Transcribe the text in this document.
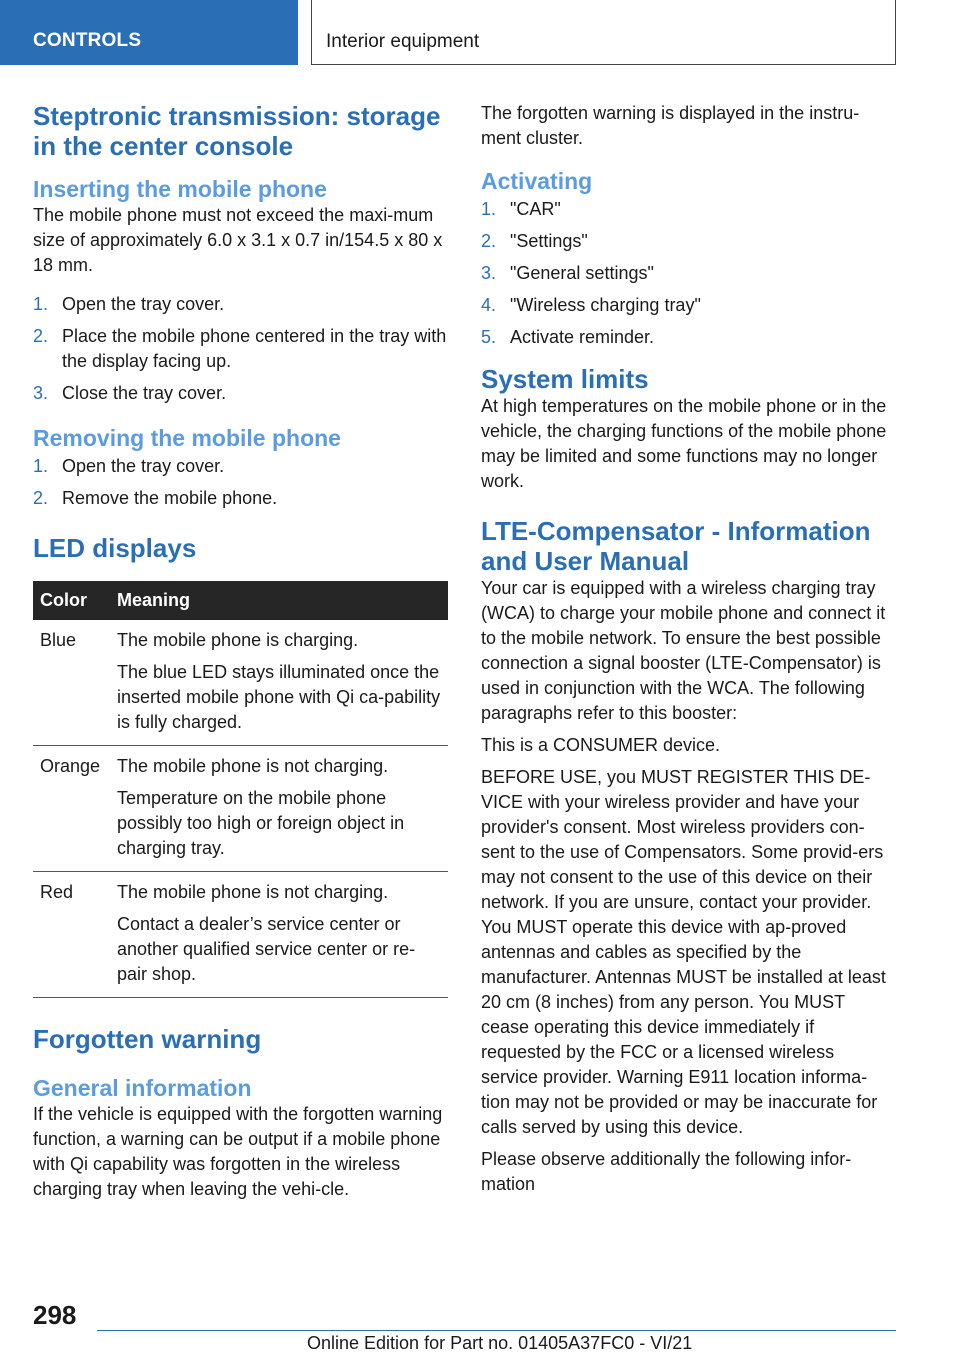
CONTROLS	Interior equipment
Steptronic transmission: storage in the center console
Inserting the mobile phone

The mobile phone must not exceed the maxi-mum size of approximately 6.0 x 3.1 x 0.7 in/154.5 x 80 x 18 mm.

1. Open the tray cover.
2. Place the mobile phone centered in the tray with the display facing up.
3. Close the tray cover.
Removing the mobile phone
1. Open the tray cover.
2. Remove the mobile phone.
LED displays
Color	Meaning
Blue	The mobile phone is charging.

The blue LED stays illuminated once the inserted mobile phone with Qi ca-pability is fully charged.

Orange	The mobile phone is not charging.

Temperature on the mobile phone possibly too high or foreign object in charging tray.

Red	The mobile phone is not charging.

Contact a dealer’s service center or another qualified service center or re-pair shop.

Forgotten warning
General information

If the vehicle is equipped with the forgotten warning function, a warning can be output if a mobile phone with Qi capability was forgotten in the wireless charging tray when leaving the vehi-cle.

The forgotten warning is displayed in the instru-ment cluster.

Activating
1. "CAR"
2. "Settings"
3. "General settings"
4. "Wireless charging tray"
5. Activate reminder.
System limits

At high temperatures on the mobile phone or in the vehicle, the charging functions of the mobile phone may be limited and some functions may no longer work.

LTE-Compensator - Information and User Manual

Your car is equipped with a wireless charging tray (WCA) to charge your mobile phone and connect it to the mobile network. To ensure the best possible connection a signal booster (LTE-Compensator) is used in conjunction with the WCA. The following paragraphs refer to this booster:

This is a CONSUMER device.

BEFORE USE, you MUST REGISTER THIS DE-VICE with your wireless provider and have your provider's consent. Most wireless providers con-sent to the use of Compensators. Some provid-ers may not consent to the use of this device on their network. If you are unsure, contact your provider. You MUST operate this device with ap-proved antennas and cables as specified by the manufacturer. Antennas MUST be installed at least 20 cm (8 inches) from any person. You MUST cease operating this device immediately if requested by the FCC or a licensed wireless service provider. Warning E911 location informa-tion may not be provided or may be inaccurate for calls served by using this device.

Please observe additionally the following infor-mation

298
Online Edition for Part no. 01405A37FC0 - VI/21
